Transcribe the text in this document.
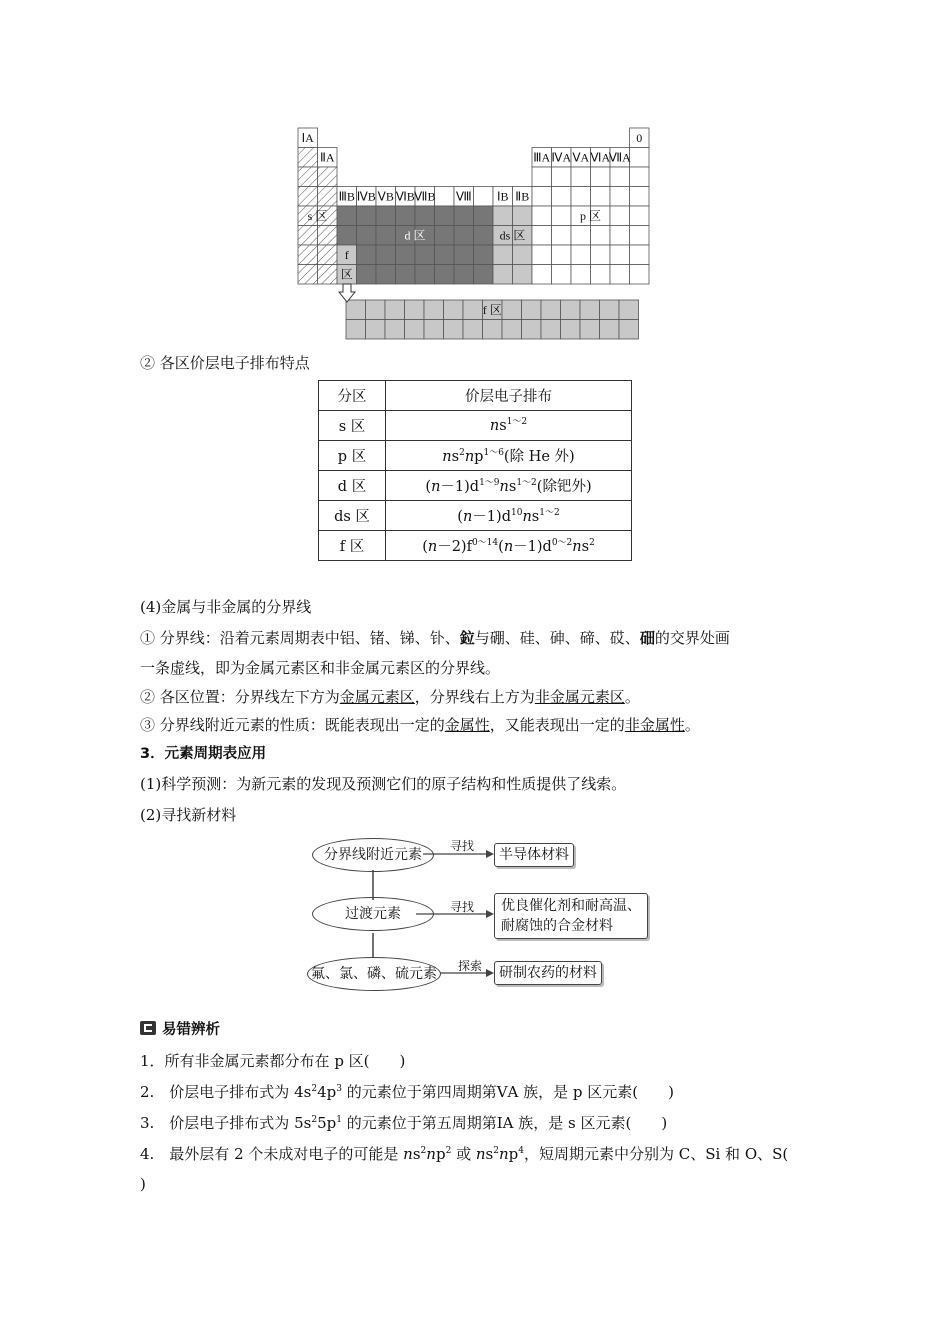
ⅠA
ⅡA
0
ⅢA ⅣA ⅤA ⅥA
ⅦA
ⅢB ⅣB ⅤB ⅥB ⅦB Ⅷ ⅠB ⅡB
s 区	p 区
d 区	ds 区
f
区
f 区
② 各区价层电子排布特点
分区	价层电子排布
s 区	$ns^{1\sim 2}$
p 区	$ns^2np^{1\sim 6}$(除 He 外)
d 区	$(n-1)d^{1\sim 9}ns^{1\sim 2}$(除钯外)
ds 区	$(n-1)d^{10}ns^{1\sim 2}$
f 区	$(n-2)f^{0\sim 14}(n-1)d^{0\sim 2}ns^2$
(4)金属与非金属的分界线
① 分界线：沿着元素周期表中铝、锗、锑、钋、鉝与硼、硅、砷、碲、砹、鿬的交界处画
一条虚线，即为金属元素区和非金属元素区的分界线。
② 各区位置：分界线左下方为金属元素区，分界线右上方为非金属元素区。
③ 分界线附近元素的性质：既能表现出一定的金属性，又能表现出一定的非金属性。
3．元素周期表应用
(1)科学预测：为新元素的发现及预测它们的原子结构和性质提供了线索。
(2)寻找新材料
分界线附近元素
过渡元素
氟、氯、磷、硫元素
寻找
寻找
探索
半导体材料
优良催化剂和耐高温、
耐腐蚀的合金材料
研制农药的材料
易错辨析
1．所有非金属元素都分布在 p 区(　　)
2.　价层电子排布式为 $4s^24p^3$ 的元素位于第四周期第ⅤA 族，是 p 区元素(　　)
3.　价层电子排布式为 $5s^25p^1$ 的元素位于第五周期第ⅠA 族，是 s 区元素(　　)
4.　最外层有 2 个未成对电子的可能是 $ns^2np^2$ 或 $ns^2np^4$，短周期元素中分别为 C、Si 和 O、S(
)
